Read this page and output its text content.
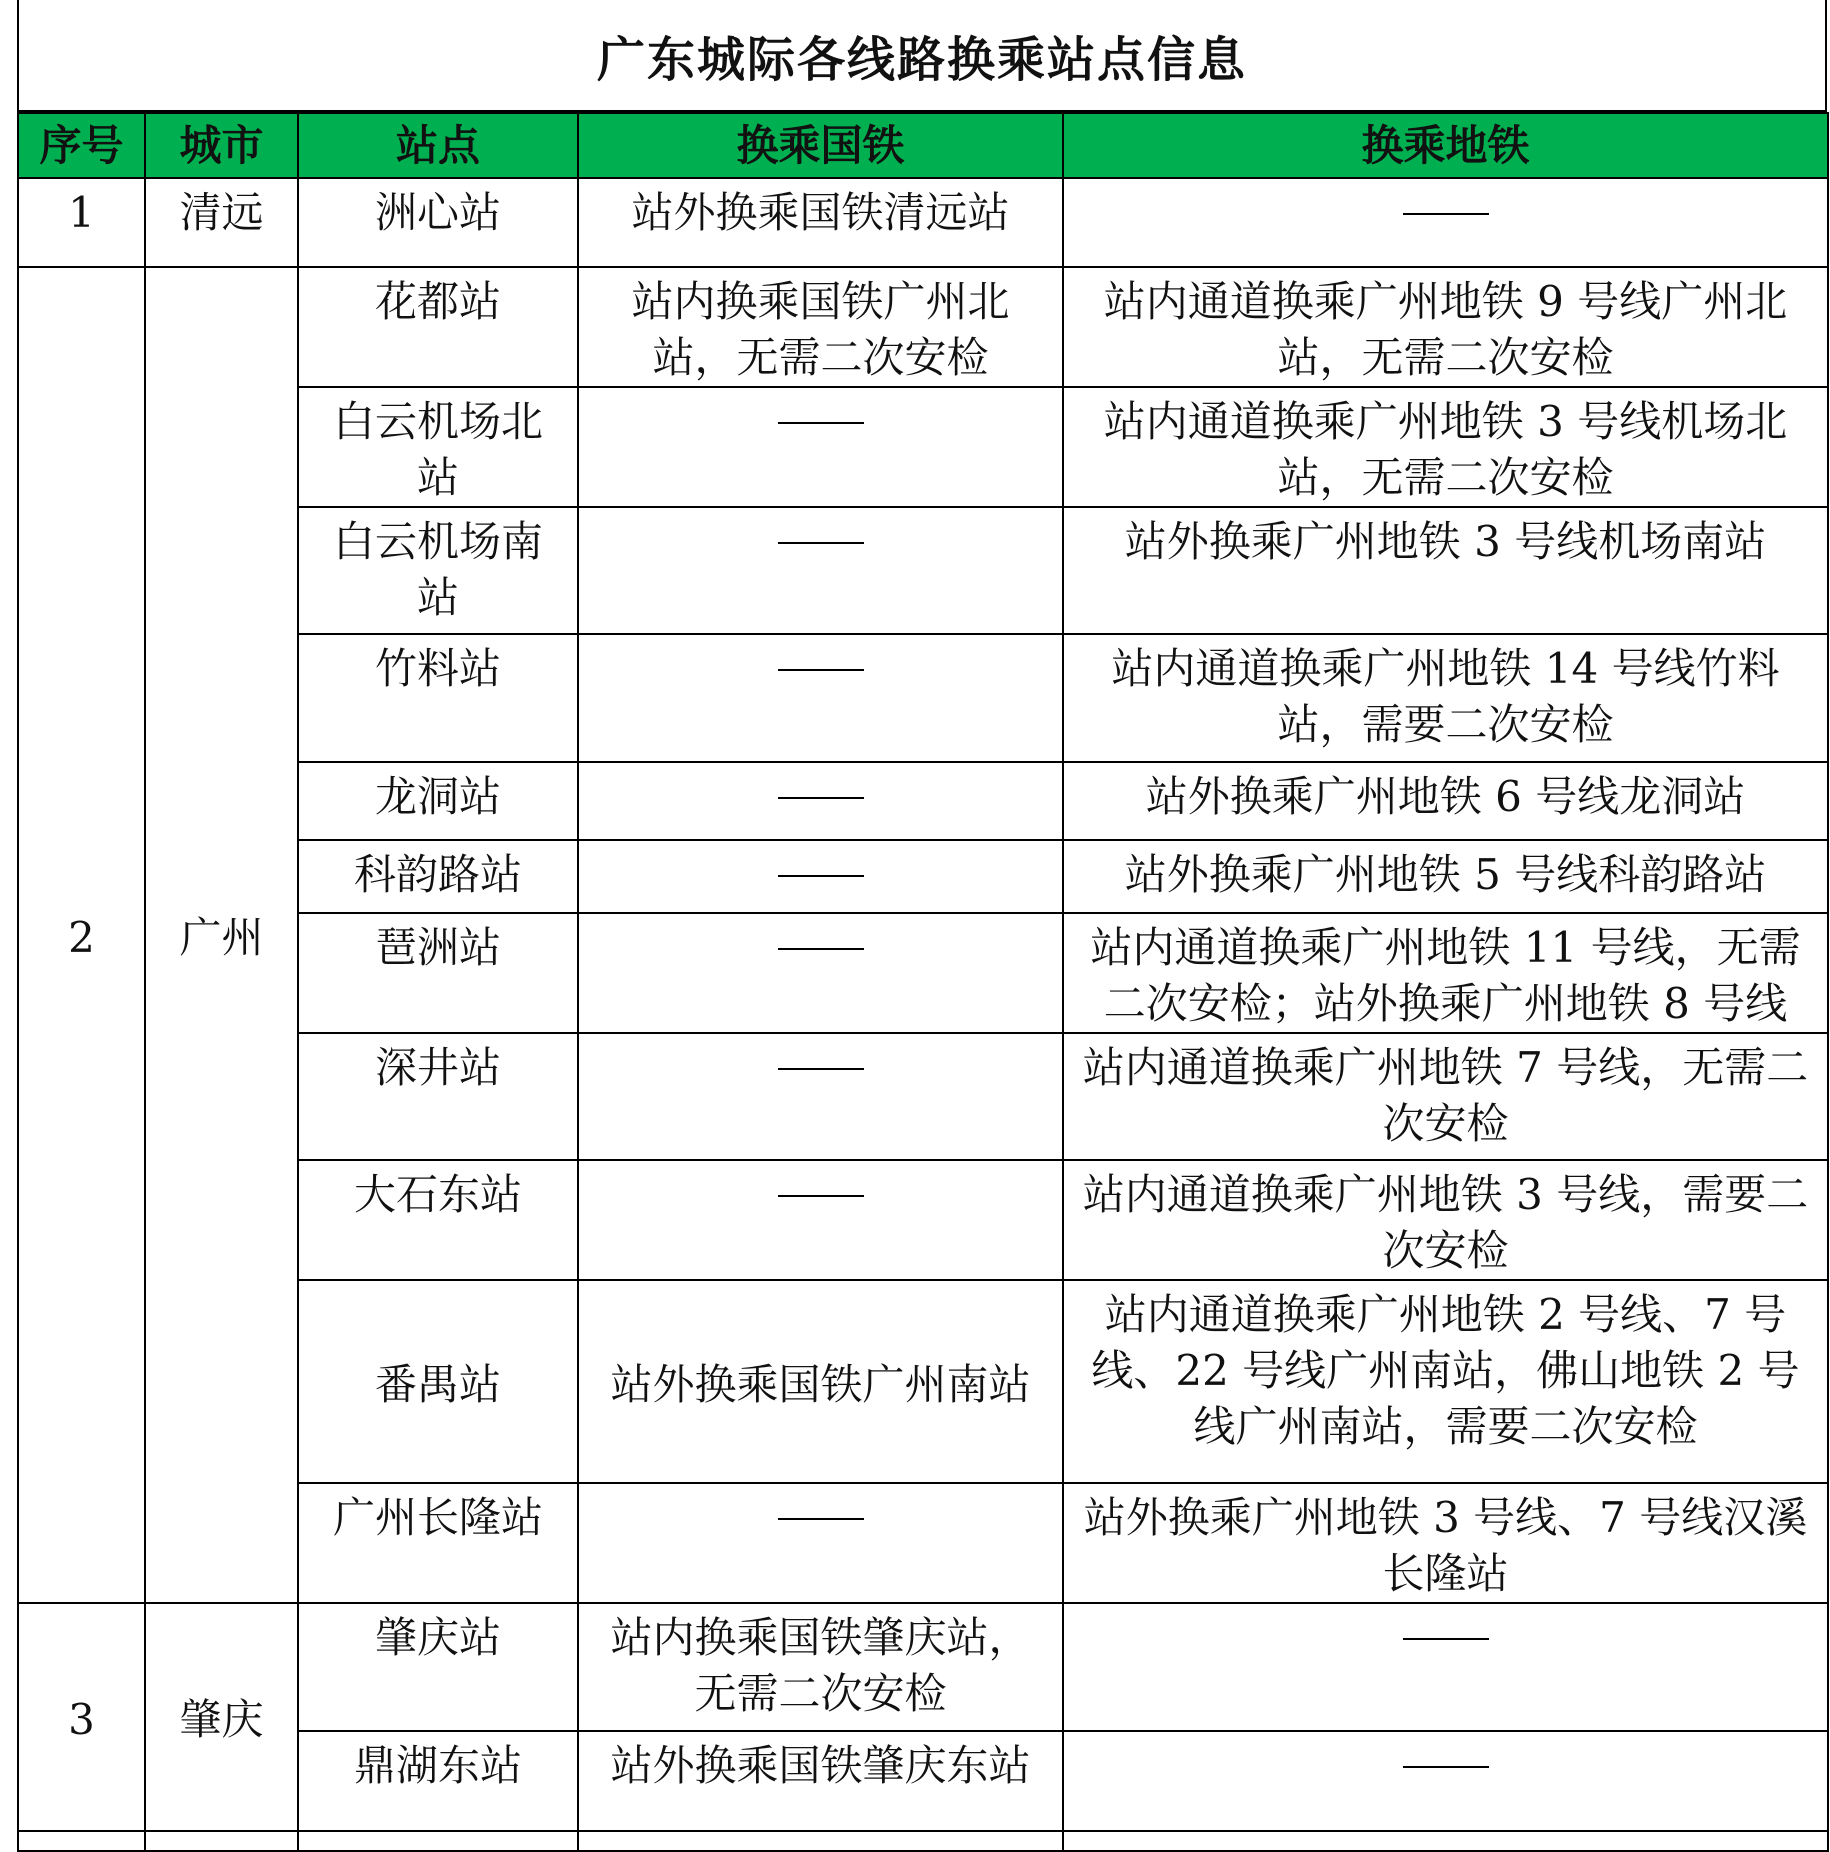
广东城际各线路换乘站点信息
序号	城市	站点	换乘国铁	换乘地铁

1	清远	洲心站	站外换乘国铁清远站	

2	广州	花都站	站内换乘国铁广州北站，无需二次安检	站内通道换乘广州地铁 9 号线广州北站，无需二次安检

		白云机场北站		站内通道换乘广州地铁 3 号线机场北站，无需二次安检

		白云机场南站		站外换乘广州地铁 3 号线机场南站

		竹料站		站内通道换乘广州地铁 14 号线竹料站，需要二次安检

		龙洞站		站外换乘广州地铁 6 号线龙洞站

		科韵路站		站外换乘广州地铁 5 号线科韵路站

		琶洲站		站内通道换乘广州地铁 11 号线，无需二次安检；站外换乘广州地铁 8 号线

		深井站		站内通道换乘广州地铁 7 号线，无需二次安检

		大石东站		站内通道换乘广州地铁 3 号线，需要二次安检

		番禺站	站外换乘国铁广州南站	站内通道换乘广州地铁 2 号线、7 号线、22 号线广州南站，佛山地铁 2 号线广州南站，需要二次安检

		广州长隆站		站外换乘广州地铁 3 号线、7 号线汉溪长隆站

3	肇庆	肇庆站	站内换乘国铁肇庆站，无需二次安检	

		鼎湖东站	站外换乘国铁肇庆东站	
